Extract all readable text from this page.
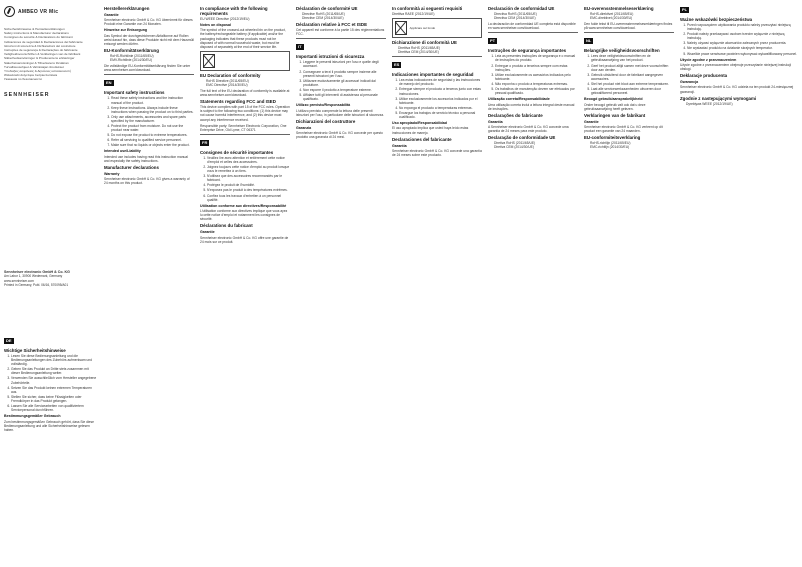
AMBEO VR Mic
Sicherheitshinweise & Herstellererklärungen
Safety instructions & Manufacturer declarations
Consignes de sécurité & Déclarations du fabricant
Indicaciones de seguridad & Declaraciones del fabricante
Istruzioni di sicurezza & Dichiarazioni del costruttore
Instruções de segurança & Declarações do fabricante
Veiligheidsvoorschriften & Verklaringen van de fabrikant
Sikkerhedsanvisninger & Producentens erklæringer
Säkerhetsanvisningar & Tillverkarens försäkran
Turvallisuusohjeet & Valmistajan ilmoitukset
Υποδείξεις ασφαλείας & Δηλώσεις κατασκευαστή
Wskazówki dotyczące bezpieczeństwa
Указания по безопасности
SENNHEISER
Sennheiser electronic GmbH & Co. KG
Am Labor 1, 30900 Wedemark, Germany
www.sennheiser.com
Printed in Germany, Publ. 06/16, 570095/A01
DE
Wichtige Sicherheitshinweise
1. Lesen Sie diese Bedienungsanleitung und die Bedienungsanleitungen des Zubehörs aufmerksam und vollständig.
2. Geben Sie das Produkt an Dritte stets zusammen mit dieser Bedienungsanleitung weiter.
3. Verwenden Sie ausschließlich vom Hersteller angegebene Zubehörteile.
4. Setzen Sie das Produkt keinen extremen Temperaturen aus.
5. Stellen Sie sicher, dass keine Flüssigkeiten oder Fremdkörper in das Produkt gelangen.
6. Lassen Sie alle Servicearbeiten von qualifiziertem Servicepersonal durchführen.
Bestimmungsgemäßer Gebrauch

Zum bestimmungsgemäßen Gebrauch gehört, dass Sie diese Bedienungsanleitung und alle Sicherheitshinweise gelesen haben.

Herstellererklärungen
Garantie

Sennheiser electronic GmbH & Co. KG übernimmt für dieses Produkt eine Garantie von 24 Monaten.

Hinweise zur Entsorgung

Das Symbol der durchgestrichenen Abfalltonne auf Rollen weist darauf hin, dass diese Produkte nicht mit dem Hausmüll entsorgt werden dürfen.

EU-Konformitätserklärung
RoHS-Richtlinie (2011/65/EU)
EMV-Richtlinie (2014/30/EU)

Die vollständige EU-Konformitätserklärung finden Sie unter www.sennheiser.com/download.

EN
Important safety instructions
1. Read these safety instructions and the instruction manual of the product.
2. Keep these instructions. Always include these instructions when passing the product on to third parties.
3. Only use attachments, accessories and spare parts specified by the manufacturer.
4. Protect the product from moisture. Do not use the product near water.
5. Do not expose the product to extreme temperatures.
6. Refer all servicing to qualified service personnel.
7. Make sure that no liquids or objects enter the product.
Intended use/Liability

Intended use includes having read this instruction manual and especially the safety instructions.

Manufacturer declarations
Warranty

Sennheiser electronic GmbH & Co. KG gives a warranty of 24 months on this product.

In compliance with the following requirements

EU WEEE Directive (2012/19/EU)

Notes on disposal

The symbol of the crossed-out wheeled bin on the product, the battery/rechargeable battery (if applicable) and/or the packaging indicates that these products must not be disposed of with normal household waste, but must be disposed of separately at the end of their service life.

EU Declaration of conformity
RoHS Directive (2011/65/EU)
EMC Directive (2014/30/EU)

The full text of the EU declaration of conformity is available at www.sennheiser.com/download.

Statements regarding FCC and ISED

This device complies with part 15 of the FCC rules. Operation is subject to the following two conditions: (1) this device may not cause harmful interference, and (2) this device must accept any interference received.

Responsible party: Sennheiser Electronic Corporation, One Enterprise Drive, Old Lyme, CT 06371

FR
Consignes de sécurité importantes
1. Veuillez lire avec attention et entièrement cette notice d'emploi et celles des accessoires.
2. Joignez toujours cette notice d'emploi au produit lorsque vous le remettez à un tiers.
3. N'utilisez que des accessoires recommandés par le fabricant.
4. Protégez le produit de l'humidité.
5. N'exposez pas le produit à des températures extrêmes.
6. Confiez tous les travaux d'entretien à un personnel qualifié.
Utilisation conforme aux directives/Responsabilité

L'utilisation conforme aux directives implique que vous ayez lu cette notice d'emploi et notamment les consignes de sécurité.

Déclarations du fabricant
Garantie

Sennheiser electronic GmbH & Co. KG offre une garantie de 24 mois sur ce produit.

Déclaration de conformité UE
Directive RoHS (2011/65/UE)
Directive CEM (2014/30/UE)
Déclaration relative à FCC et ISDE

Cet appareil est conforme à la partie 15 des réglementations FCC.

IT
Importanti istruzioni di sicurezza
1. Leggere le presenti istruzioni per l'uso e quelle degli accessori.
2. Consegnare a terzi il prodotto sempre insieme alle presenti istruzioni per l'uso.
3. Utilizzare esclusivamente gli accessori indicati dal produttore.
4. Non esporre il prodotto a temperature estreme.
5. Affidare tutti gli interventi di assistenza al personale qualificato.
Utilizzo previsto/Responsabilità

L'utilizzo previsto comprende la lettura delle presenti istruzioni per l'uso, in particolare delle istruzioni di sicurezza.

Dichiarazioni del costruttore
Garanzia

Sennheiser electronic GmbH & Co. KG concede per questo prodotto una garanzia di 24 mesi.

In conformità ai seguenti requisiti

Direttiva RAEE (2012/19/UE)

Applicare sul fondo
Dichiarazione di conformità UE
Direttiva RoHS (2011/65/UE)
Direttiva CEM (2014/30/UE)
ES
Indicaciones importantes de seguridad
1. Lea estas indicaciones de seguridad y las instrucciones de manejo del producto.
2. Entregue siempre el producto a terceros junto con estas instrucciones.
3. Utilice exclusivamente los accesorios indicados por el fabricante.
4. No exponga el producto a temperaturas extremas.
5. Encargue los trabajos de servicio técnico a personal cualificado.
Uso apropiado/Responsabilidad

El uso apropiado implica que usted haya leído estas instrucciones de manejo.

Declaraciones del fabricante
Garantía

Sennheiser electronic GmbH & Co. KG concede una garantía de 24 meses sobre este producto.

Declaración de conformidad UE
Directiva RoHS (2011/65/UE)
Directiva CEM (2014/30/UE)

La declaración de conformidad UE completa está disponible en www.sennheiser.com/download.

PT
Instruções de segurança importantes
1. Leia as presentes instruções de segurança e o manual de instruções do produto.
2. Entregue o produto a terceiros sempre com estas instruções.
3. Utilize exclusivamente os acessórios indicados pelo fabricante.
4. Não exponha o produto a temperaturas extremas.
5. Os trabalhos de manutenção devem ser efetuados por pessoal qualificado.
Utilização correta/Responsabilidade

Uma utilização correta inclui a leitura integral deste manual de instruções.

Declarações do fabricante
Garantia

A Sennheiser electronic GmbH & Co. KG concede uma garantia de 24 meses para este produto.

Declaração de conformidade UE
Diretiva RoHS (2011/65/UE)
Diretiva CEM (2014/30/UE)
EU-overensstemmelseserklæring
RoHS-direktivet (2011/65/EU)
EMC-direktivet (2014/30/EU)

Den fulde tekst til EU-overensstemmelseserklæringen findes på www.sennheiser.com/download.

NL
Belangrijke veiligheidsvoorschriften
1. Lees deze veiligheidsvoorschriften en de gebruiksaanwijzing van het product.
2. Geef het product altijd samen met deze voorschriften door aan derden.
3. Gebruik uitsluitend door de fabrikant aangegeven accessoires.
4. Stel het product niet bloot aan extreme temperaturen.
5. Laat alle servicewerkzaamheden uitvoeren door gekwalificeerd personeel.
Beoogd gebruik/aansprakelijkheid

Onder beoogd gebruik valt ook dat u deze gebruiksaanwijzing heeft gelezen.

Verklaringen van de fabrikant
Garantie

Sennheiser electronic GmbH & Co. KG verleent op dit product een garantie van 24 maanden.

EU-conformiteitsverklaring
RoHS-richtlijn (2011/65/EU)
EMC-richtlijn (2014/30/EU)
PL
Ważne wskazówki bezpieczeństwa
1. Przed rozpoczęciem użytkowania produktu należy przeczytać niniejszą instrukcję.
2. Produkt należy przekazywać osobom trzecim wyłącznie z niniejszą instrukcją.
3. Należy używać wyłącznie akcesoriów zalecanych przez producenta.
4. Nie wystawiać produktu na działanie skrajnych temperatur.
5. Wszelkie prace serwisowe powinien wykonywać wykwalifikowany personel.
Użycie zgodne z przeznaczeniem

Użycie zgodne z przeznaczeniem obejmuje przeczytanie niniejszej instrukcji obsługi.

Deklaracje producenta
Gwarancja

Sennheiser electronic GmbH & Co. KG udziela na ten produkt 24-miesięcznej gwarancji.

Zgodnie z następującymi wymogami
Dyrektywa WEEE (2012/19/UE)
